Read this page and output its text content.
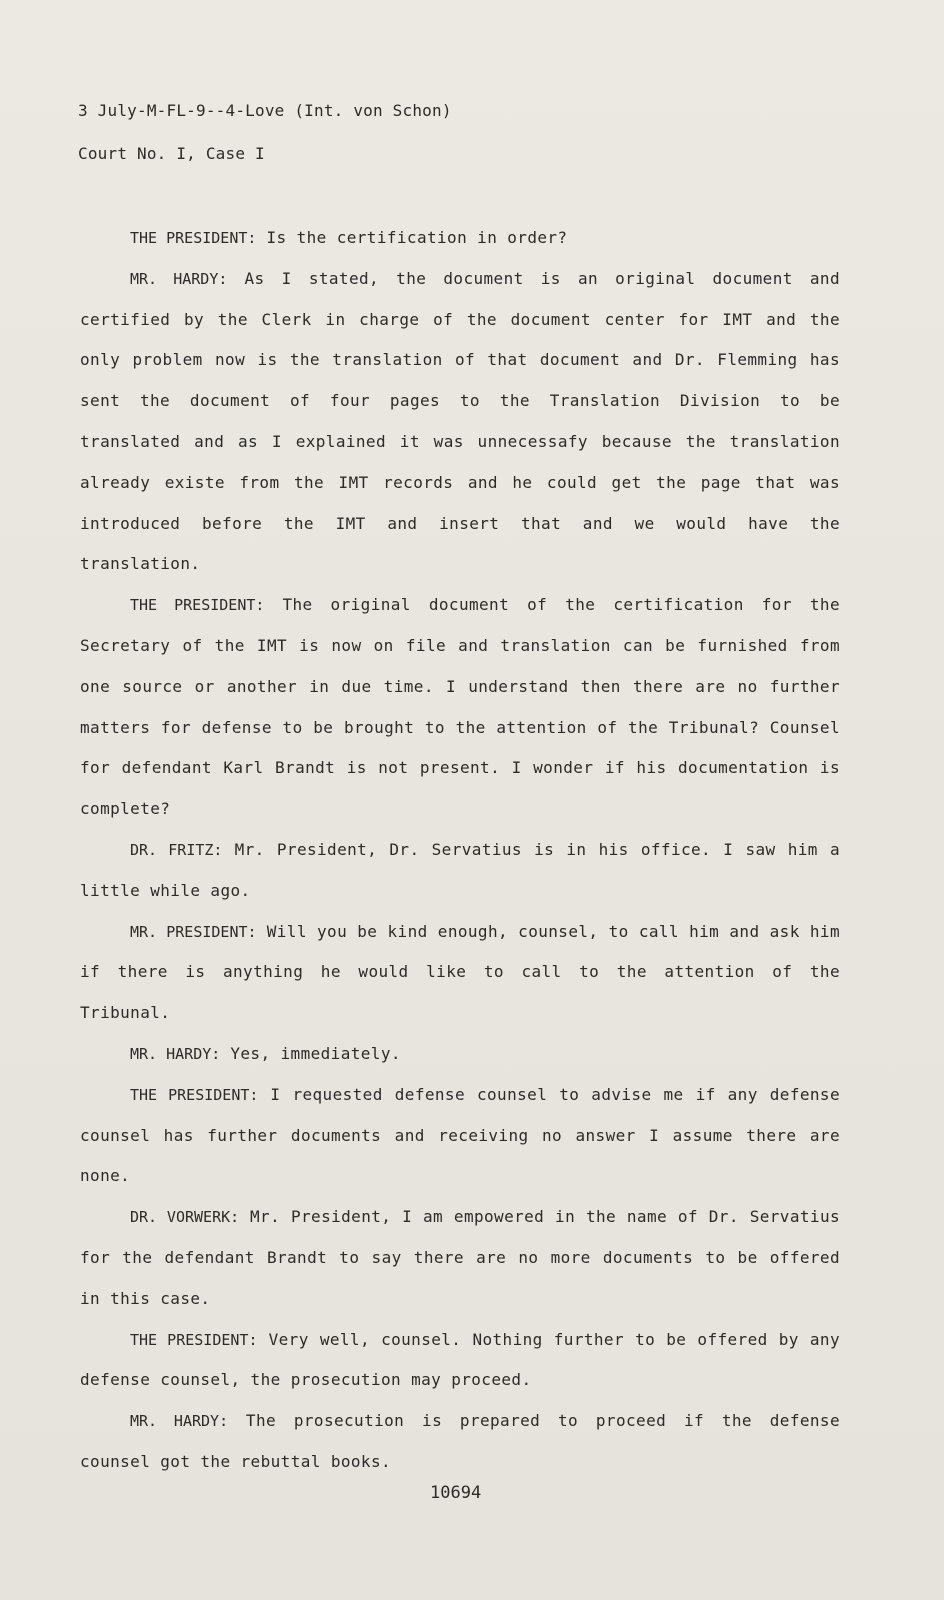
3 July-M-FL-9--4-Love (Int. von Schon)
Court No. I, Case I

THE PRESIDENT: Is the certification in order?

MR. HARDY: As I stated, the document is an original document and certified by the Clerk in charge of the document center for IMT and the only problem now is the translation of that document and Dr. Flemming has sent the document of four pages to the Translation Division to be translated and as I explained it was unnecessafy because the translation already existe from the IMT records and he could get the page that was introduced before the IMT and insert that and we would have the translation.

THE PRESIDENT: The original document of the certification for the Secretary of the IMT is now on file and translation can be furnished from one source or another in due time. I understand then there are no further matters for defense to be brought to the attention of the Tribunal? Counsel for defendant Karl Brandt is not present. I wonder if his documentation is complete?

DR. FRITZ: Mr. President, Dr. Servatius is in his office. I saw him a little while ago.

MR. PRESIDENT: Will you be kind enough, counsel, to call him and ask him if there is anything he would like to call to the attention of the Tribunal.

MR. HARDY: Yes, immediately.

THE PRESIDENT: I requested defense counsel to advise me if any defense counsel has further documents and receiving no answer I assume there are none.

DR. VORWERK: Mr. President, I am empowered in the name of Dr. Servatius for the defendant Brandt to say there are no more documents to be offered in this case.

THE PRESIDENT: Very well, counsel. Nothing further to be offered by any defense counsel, the prosecution may proceed.

MR. HARDY: The prosecution is prepared to proceed if the defense counsel got the rebuttal books.

10694
